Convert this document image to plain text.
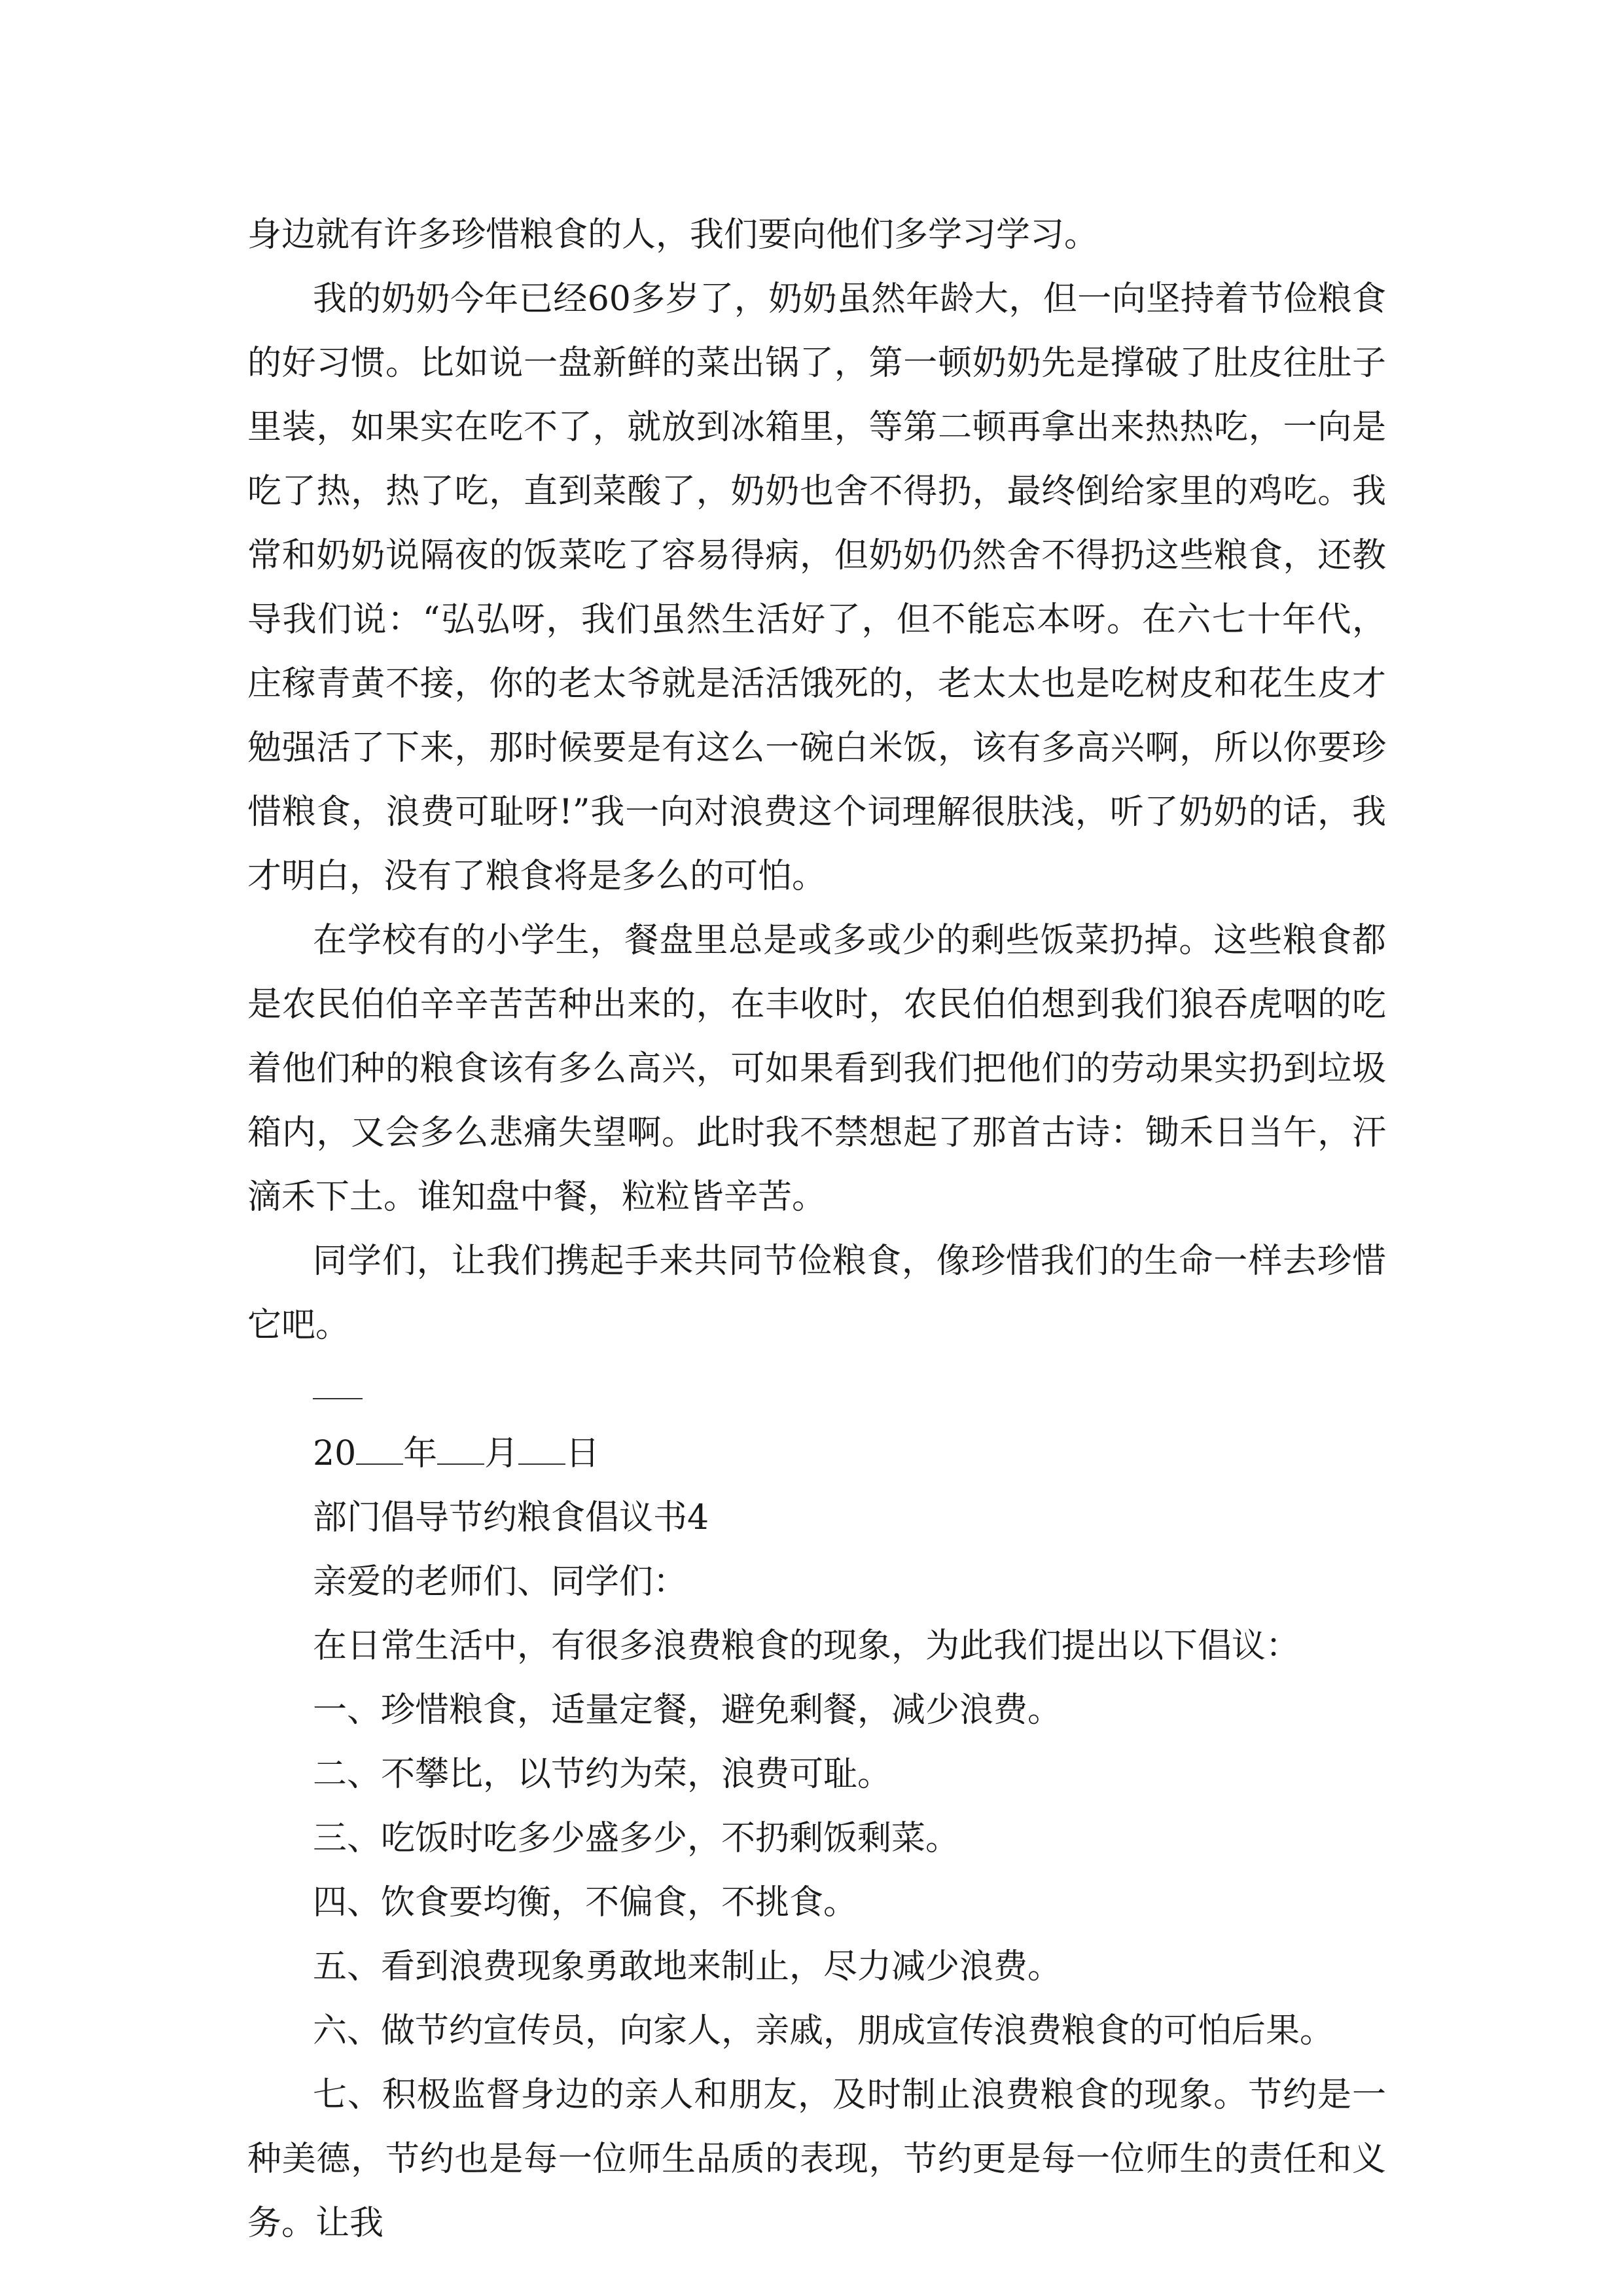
身边就有许多珍惜粮食的人，我们要向他们多学习学习。

我的奶奶今年已经60多岁了，奶奶虽然年龄大，但一向坚持着节俭粮食的好习惯。比如说一盘新鲜的菜出锅了，第一顿奶奶先是撑破了肚皮往肚子里装，如果实在吃不了，就放到冰箱里，等第二顿再拿出来热热吃，一向是吃了热，热了吃，直到菜酸了，奶奶也舍不得扔，最终倒给家里的鸡吃。我常和奶奶说隔夜的饭菜吃了容易得病，但奶奶仍然舍不得扔这些粮食，还教导我们说：“弘弘呀，我们虽然生活好了，但不能忘本呀。在六七十年代，庄稼青黄不接，你的老太爷就是活活饿死的，老太太也是吃树皮和花生皮才勉强活了下来，那时候要是有这么一碗白米饭，该有多高兴啊，所以你要珍惜粮食，浪费可耻呀!”我一向对浪费这个词理解很肤浅，听了奶奶的话，我才明白，没有了粮食将是多么的可怕。

在学校有的小学生，餐盘里总是或多或少的剩些饭菜扔掉。这些粮食都是农民伯伯辛辛苦苦种出来的，在丰收时，农民伯伯想到我们狼吞虎咽的吃着他们种的粮食该有多么高兴，可如果看到我们把他们的劳动果实扔到垃圾箱内，又会多么悲痛失望啊。此时我不禁想起了那首古诗：锄禾日当午，汗滴禾下土。谁知盘中餐，粒粒皆辛苦。

同学们，让我们携起手来共同节俭粮食，像珍惜我们的生命一样去珍惜它吧。

20 年 月 日

部门倡导节约粮食倡议书4

亲爱的老师们、同学们：

在日常生活中，有很多浪费粮食的现象，为此我们提出以下倡议：

一、珍惜粮食，适量定餐，避免剩餐，减少浪费。

二、不攀比，以节约为荣，浪费可耻。

三、吃饭时吃多少盛多少，不扔剩饭剩菜。

四、饮食要均衡，不偏食，不挑食。

五、看到浪费现象勇敢地来制止，尽力减少浪费。

六、做节约宣传员，向家人，亲戚，朋成宣传浪费粮食的可怕后果。

七、积极监督身边的亲人和朋友，及时制止浪费粮食的现象。节约是一种美德，节约也是每一位师生品质的表现，节约更是每一位师生的责任和义务。让我
